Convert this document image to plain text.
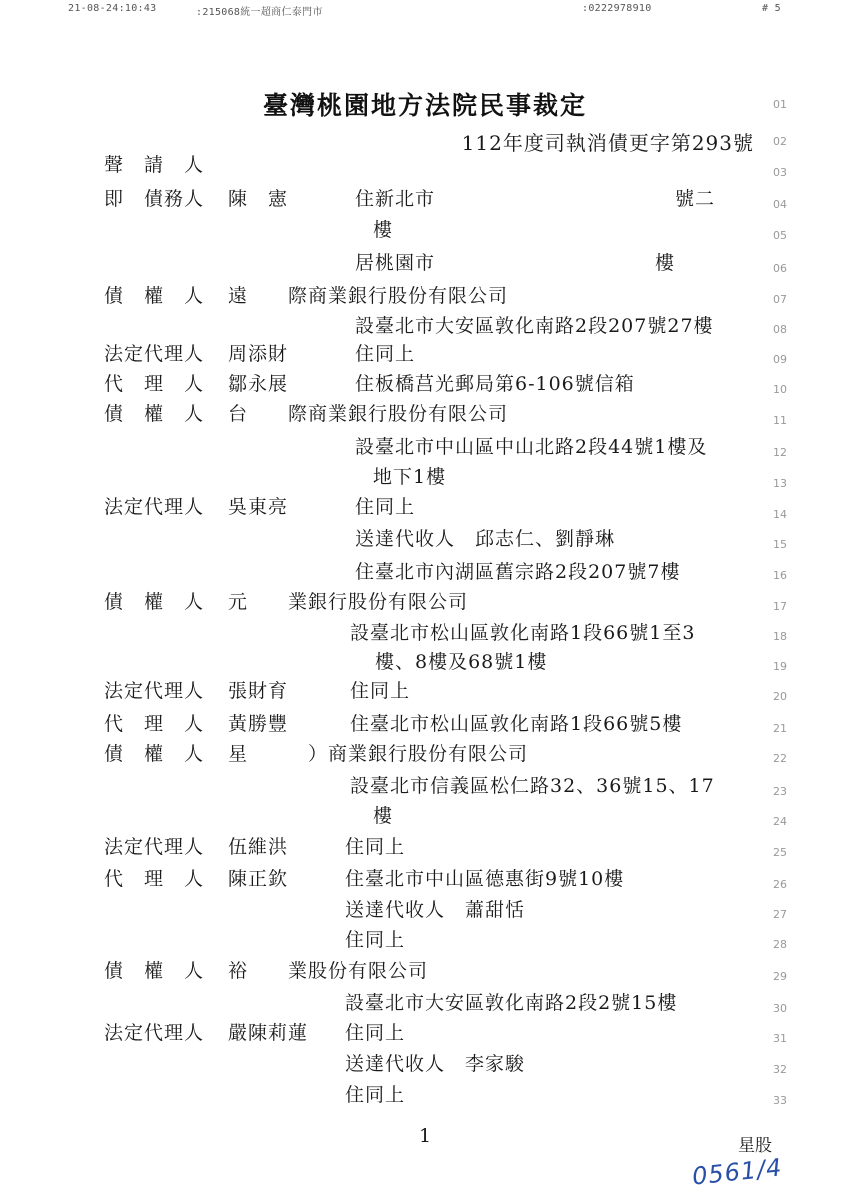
21-08-24:10:43	:215068統一超商仁泰門市	:0222978910	# 5
臺灣桃園地方法院民事裁定
112年度司執消債更字第293號
聲　請　人
即　債務人 陳　憲	住新北市　　　　　　　　　　　　號二
樓
居桃園市　　　　　　　　　　　樓
債　權　人 遠　　際商業銀行股份有限公司
設臺北市大安區敦化南路2段207號27樓
法定代理人 周添財	住同上
代　理　人 鄒永展	住板橋莒光郵局第6-106號信箱
債　權　人 台　　際商業銀行股份有限公司
設臺北市中山區中山北路2段44號1樓及
地下1樓
法定代理人 吳東亮	住同上
送達代收人　邱志仁、劉靜琳
住臺北市內湖區舊宗路2段207號7樓
債　權　人 元　　業銀行股份有限公司
設臺北市松山區敦化南路1段66號1至3
樓、8樓及68號1樓
法定代理人 張財育	住同上
代　理　人 黃勝豐	住臺北市松山區敦化南路1段66號5樓
債　權　人 星　　　）商業銀行股份有限公司
設臺北市信義區松仁路32、36號15、17
樓
法定代理人 伍維洪	住同上
代　理　人 陳正欽	住臺北市中山區德惠街9號10樓
送達代收人　蕭甜恬
住同上
債　權　人 裕　　業股份有限公司
設臺北市大安區敦化南路2段2號15樓
法定代理人 嚴陳莉蓮 住同上
送達代收人　李家駿
住同上
01
02
03
04
05
06
07
08
09
10
11
12
13
14
15
16
17
18
19
20
21
22
23
24
25
26
27
28
29
30
31
32
33
1	星股
0561/4
